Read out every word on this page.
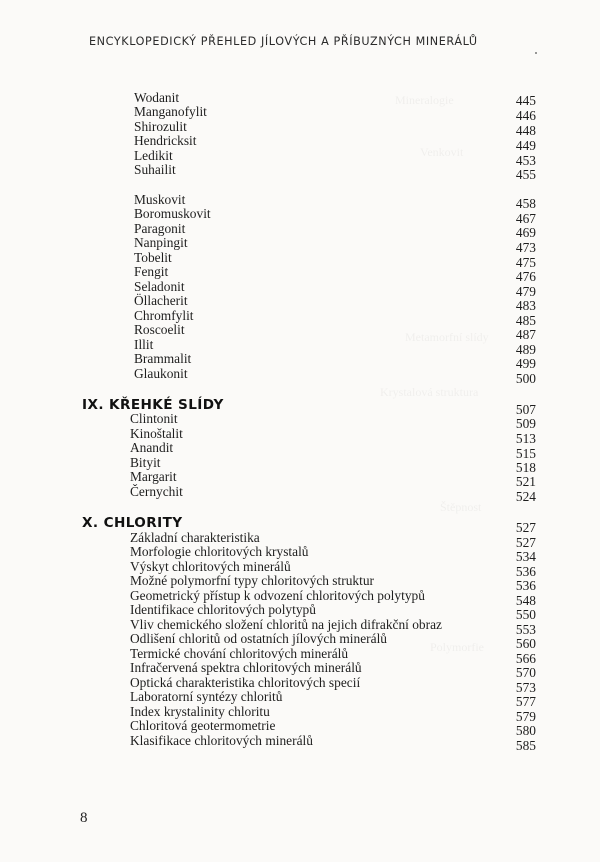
ENCYKLOPEDICKÝ PŘEHLED JÍLOVÝCH A PŘÍBUZNÝCH MINERÁLŮ
Wodanit	445
Manganofylit	446
Shirozulit	448
Hendricksit	449
Ledikit	453
Suhailit	455
Muskovit	458
Boromuskovit	467
Paragonit	469
Nanpingit	473
Tobelit	475
Fengit	476
Seladonit	479
Öllacherit	483
Chromfylit	485
Roscoelit	487
Illit	489
Brammalit	499
Glaukonit	500
IX. KŘEHKÉ SLÍDY	507
Clintonit	509
Kinoštalit	513
Anandit	515
Bityit	518
Margarit	521
Černychit	524
X. CHLORITY	527
Základní charakteristika	527
Morfologie chloritových krystalů	534
Výskyt chloritových minerálů	536
Možné polymorfní typy chloritových struktur	536
Geometrický přístup k odvození chloritových polytypů	548
Identifikace chloritových polytypů	550
Vliv chemického složení chloritů na jejich difrakční obraz	553
Odlišení chloritů od ostatních jílových minerálů	560
Termické chování chloritových minerálů	566
Infračervená spektra chloritových minerálů	570
Optická charakteristika chloritových specií	573
Laboratorní syntézy chloritů	577
Index krystalinity chloritu	579
Chloritová geotermometrie	580
Klasifikace chloritových minerálů	585
8
